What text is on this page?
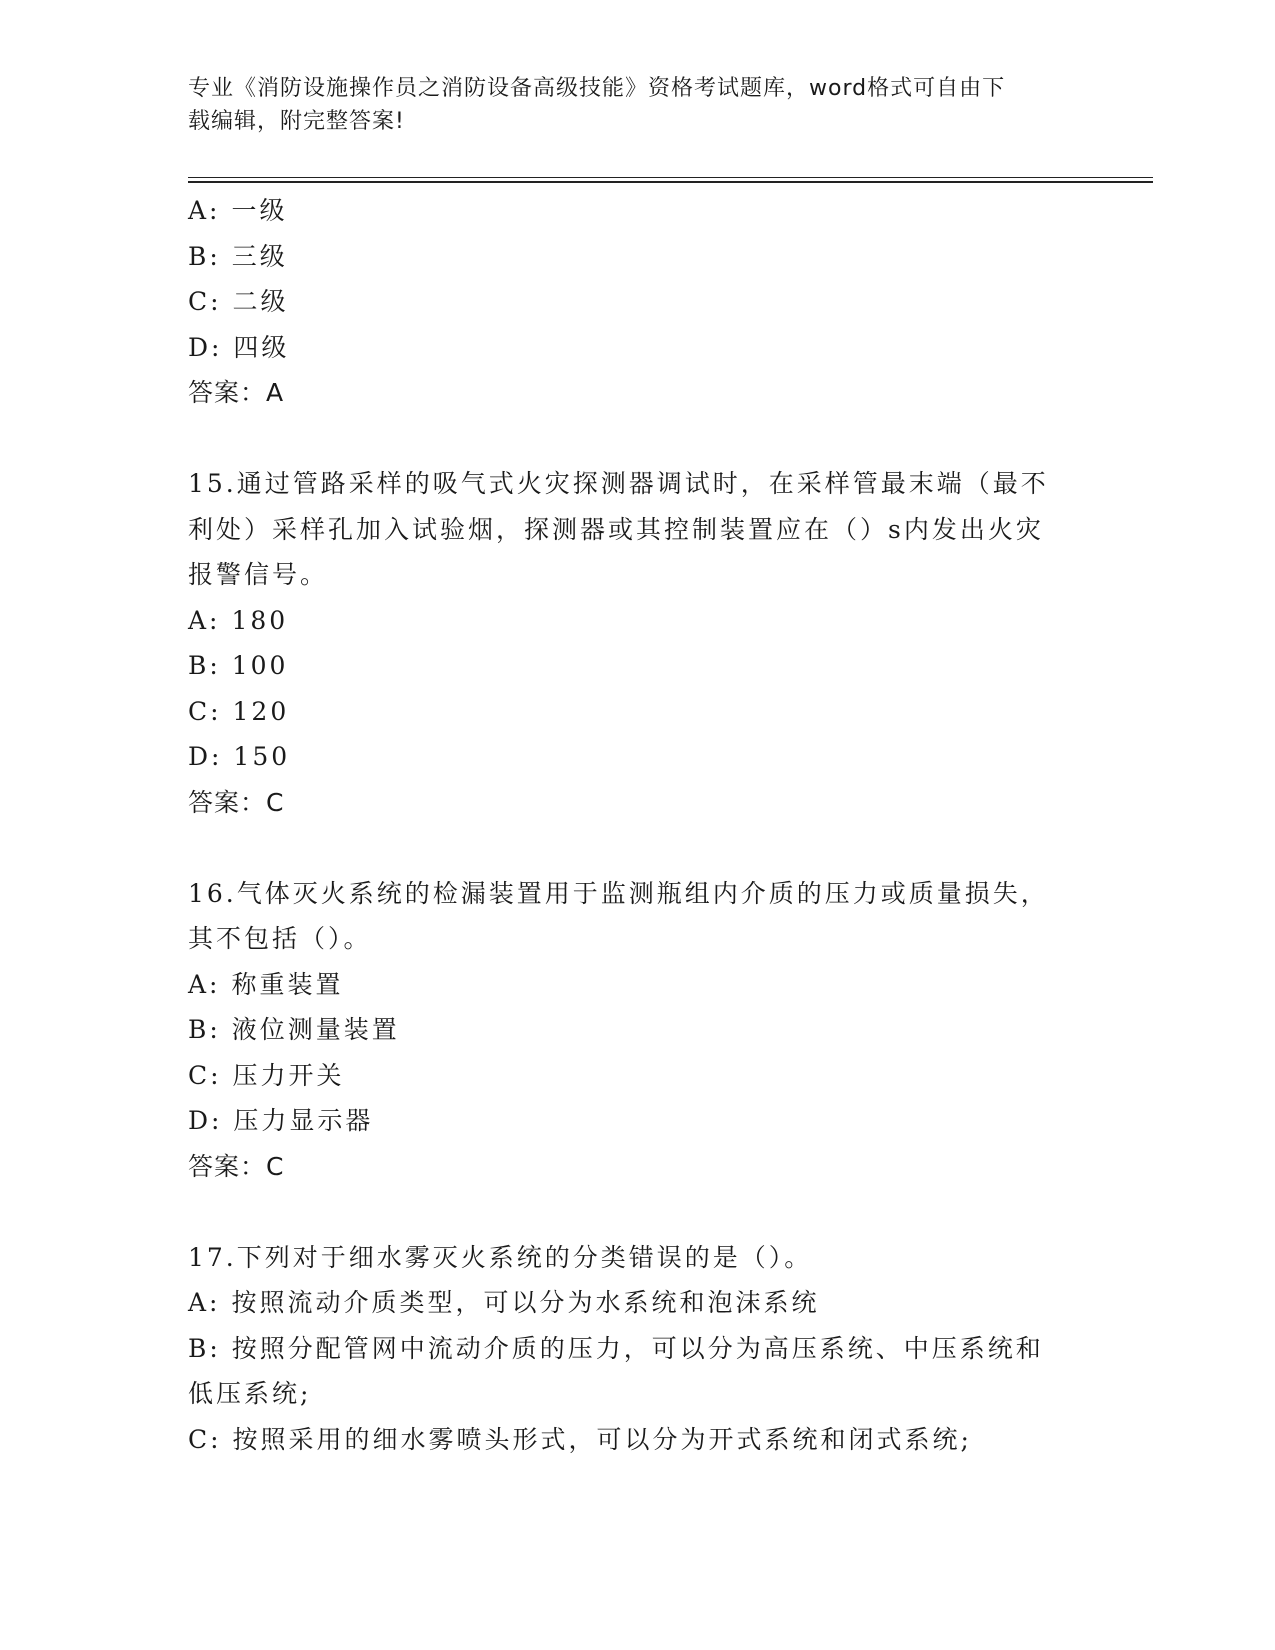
专业《消防设施操作员之消防设备高级技能》资格考试题库，word格式可自由下
载编辑，附完整答案!
A: 一级
B: 三级
C: 二级
D: 四级
答案：A
15.通过管路采样的吸气式火灾探测器调试时，在采样管最末端（最不
利处）采样孔加入试验烟，探测器或其控制装置应在（）s内发出火灾
报警信号。
A: 180
B: 100
C: 120
D: 150
答案：C
16.气体灭火系统的检漏装置用于监测瓶组内介质的压力或质量损失，
其不包括（）。
A: 称重装置
B: 液位测量装置
C: 压力开关
D: 压力显示器
答案：C
17.下列对于细水雾灭火系统的分类错误的是（）。
A: 按照流动介质类型，可以分为水系统和泡沫系统
B: 按照分配管网中流动介质的压力，可以分为高压系统、中压系统和
低压系统;
C: 按照采用的细水雾喷头形式，可以分为开式系统和闭式系统;
